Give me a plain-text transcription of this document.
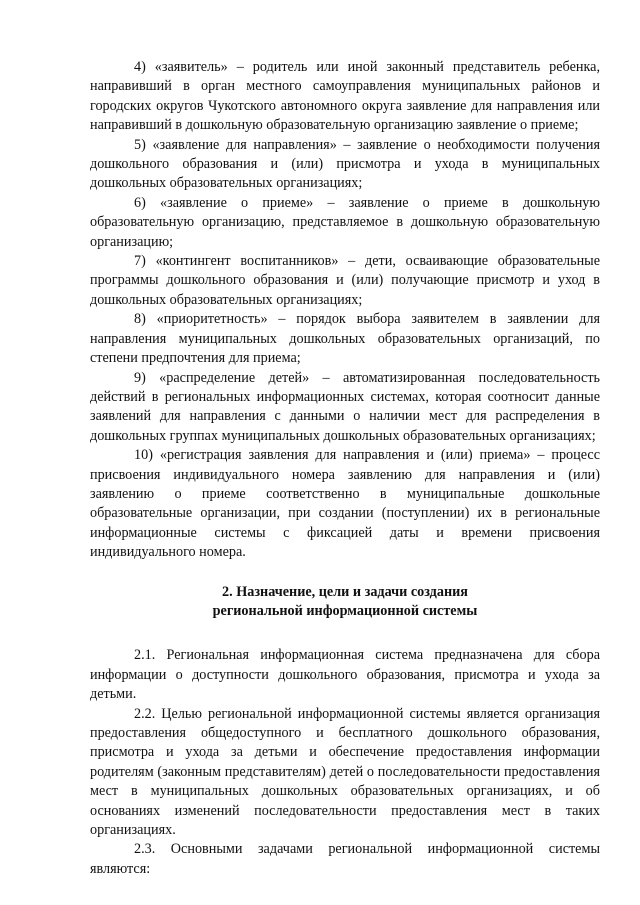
4) «заявитель» – родитель или иной законный представитель ребенка, направивший в орган местного самоуправления муниципальных районов и городских округов Чукотского автономного округа заявление для направления или направивший в дошкольную образовательную организацию заявление о приеме;

5) «заявление для направления» – заявление о необходимости получения дошкольного образования и (или) присмотра и ухода в муниципальных дошкольных образовательных организациях;

6) «заявление о приеме» – заявление о приеме в дошкольную образовательную организацию, представляемое в дошкольную образовательную организацию;

7) «контингент воспитанников» – дети, осваивающие образовательные программы дошкольного образования и (или) получающие присмотр и уход в дошкольных образовательных организациях;

8) «приоритетность» – порядок выбора заявителем в заявлении для направления муниципальных дошкольных образовательных организаций, по степени предпочтения для приема;

9) «распределение детей» – автоматизированная последовательность действий в региональных информационных системах, которая соотносит данные заявлений для направления с данными о наличии мест для распределения в дошкольных группах муниципальных дошкольных образовательных организациях;

10) «регистрация заявления для направления и (или) приема» – процесс присвоения индивидуального номера заявлению для направления и (или) заявлению о приеме соответственно в муниципальные дошкольные образовательные организации, при создании (поступлении) их в региональные информационные системы с фиксацией даты и времени присвоения индивидуального номера.

2. Назначение, цели и задачи создания
региональной информационной системы

2.1. Региональная информационная система предназначена для сбора информации о доступности дошкольного образования, присмотра и ухода за детьми.

2.2. Целью региональной информационной системы является организация предоставления общедоступного и бесплатного дошкольного образования, присмотра и ухода за детьми и обеспечение предоставления информации родителям (законным представителям) детей о последовательности предоставления мест в муниципальных дошкольных образовательных организациях, и об основаниях изменений последовательности предоставления мест в таких организациях.

2.3. Основными задачами региональной информационной системы являются:
